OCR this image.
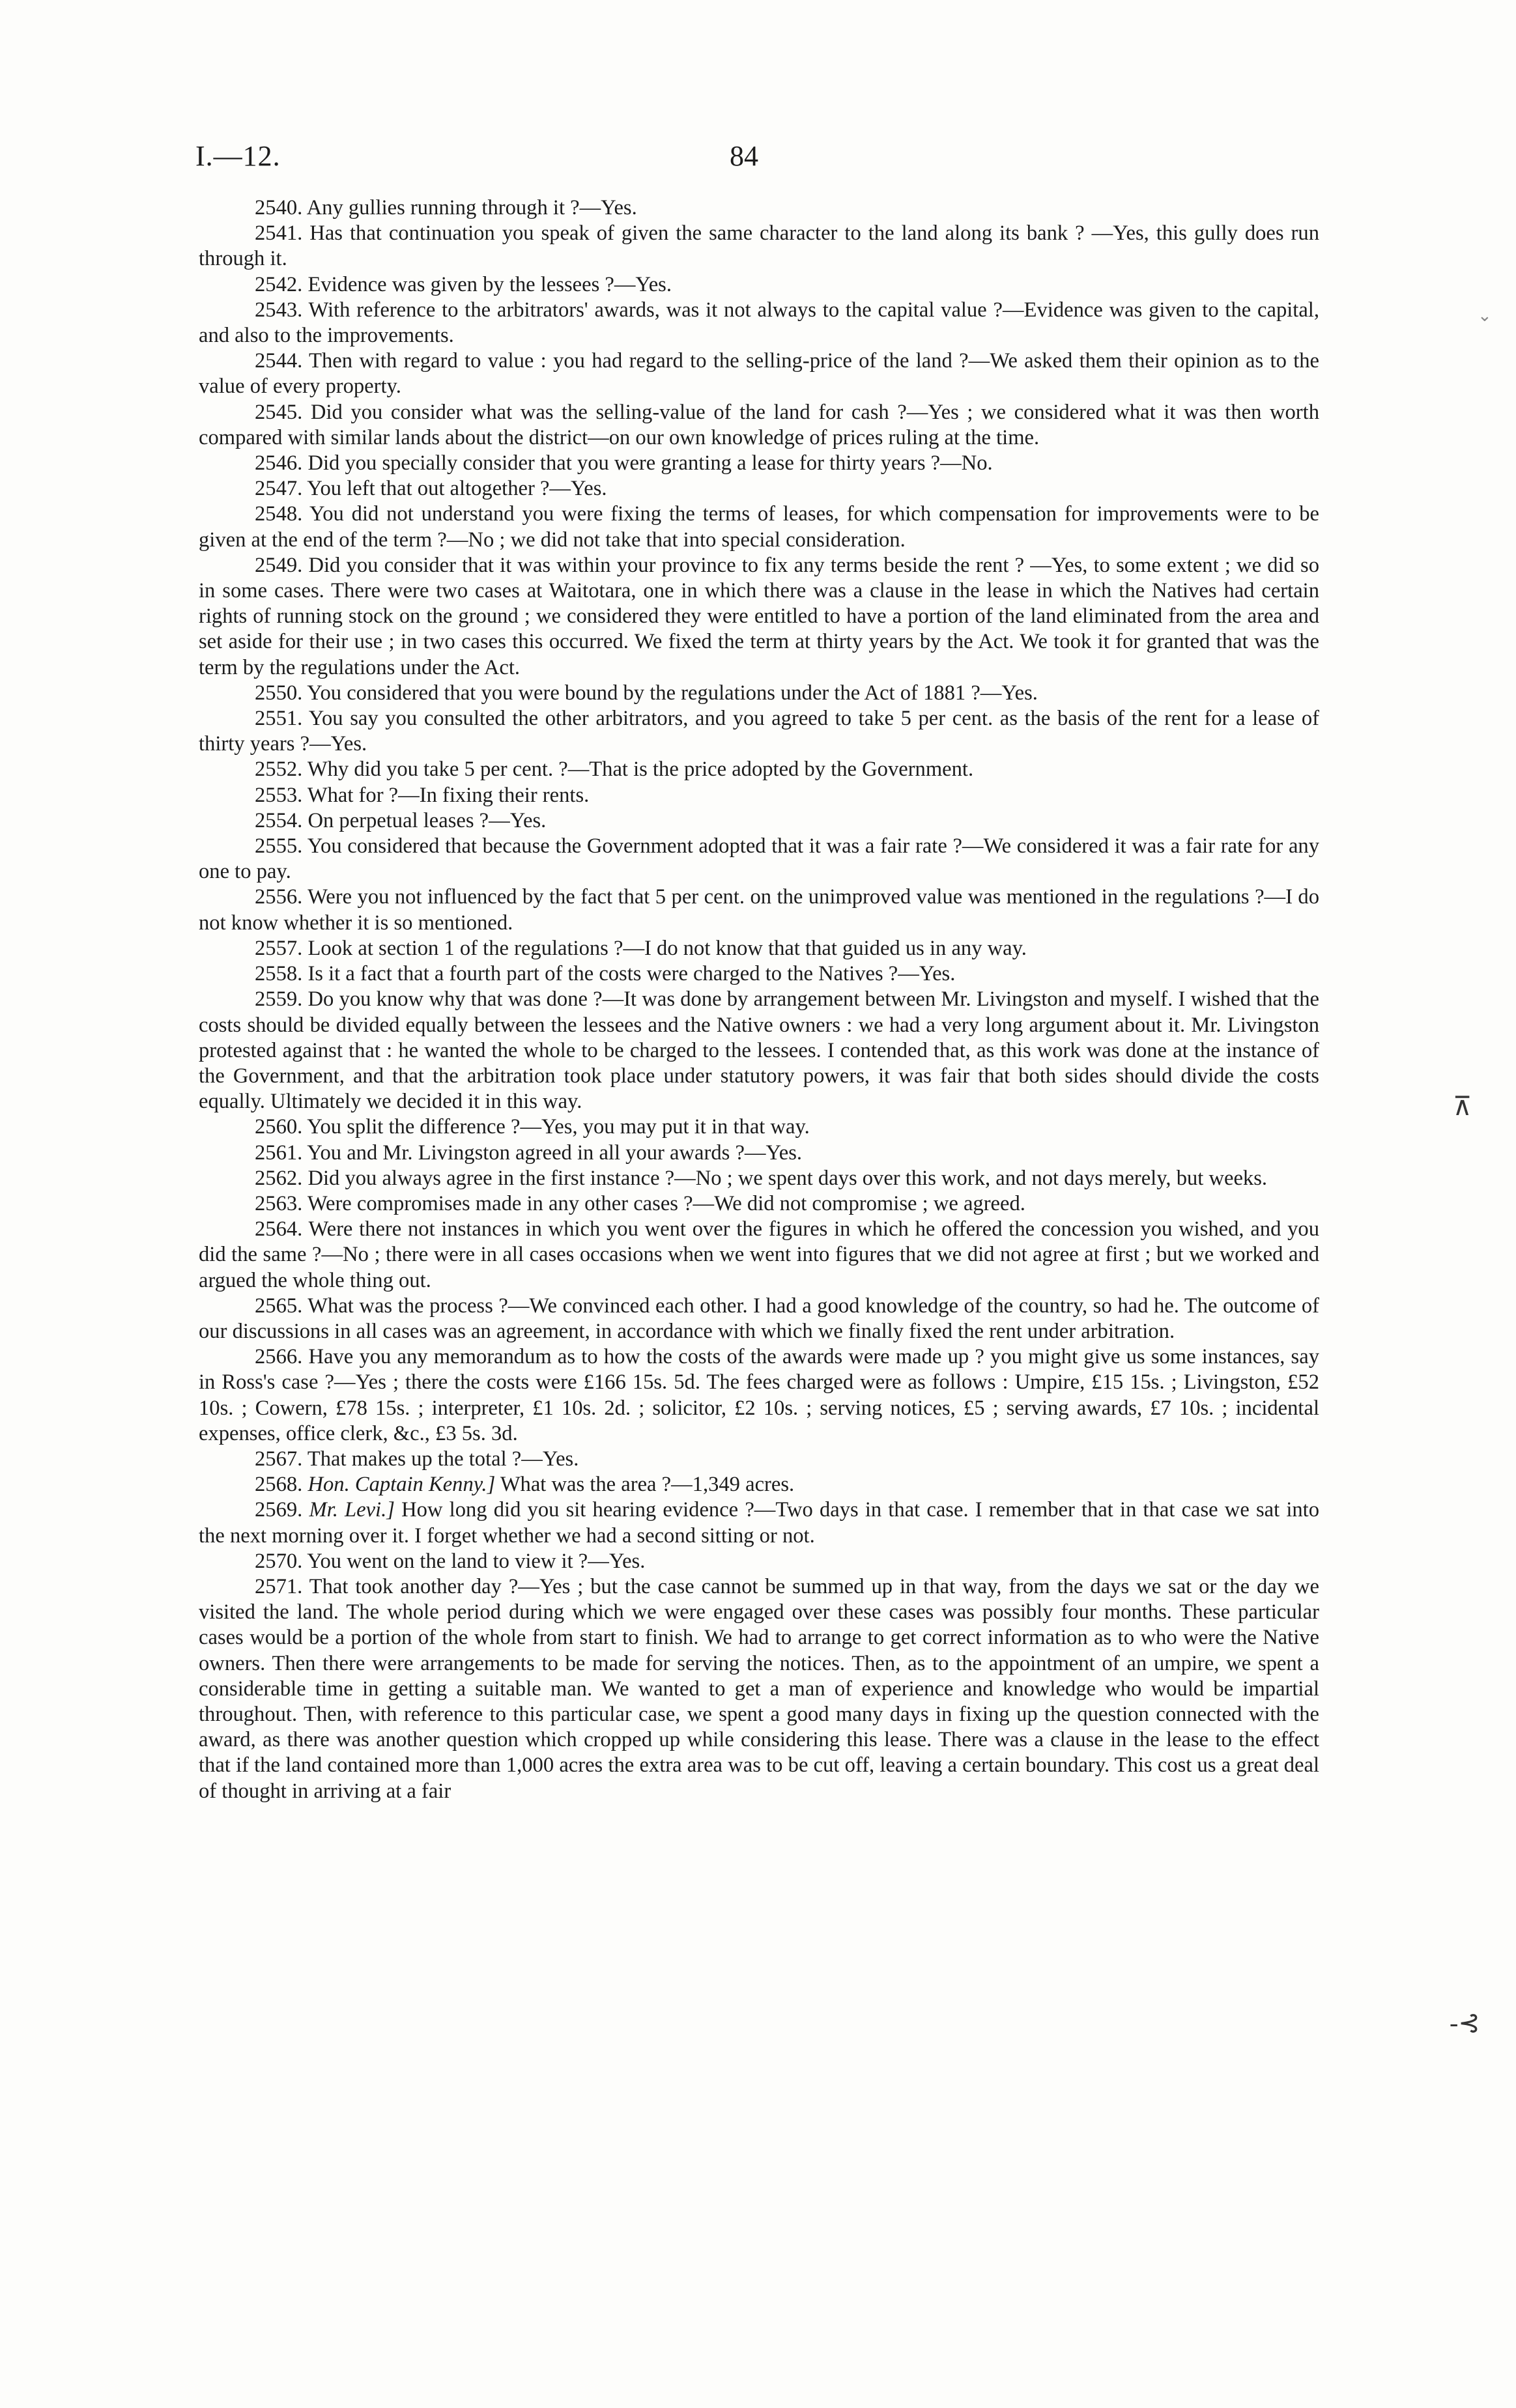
I.—12.	84

2540. Any gullies running through it ?—Yes.

2541. Has that continuation you speak of given the same character to the land along its bank ? —Yes, this gully does run through it.

2542. Evidence was given by the lessees ?—Yes.

2543. With reference to the arbitrators' awards, was it not always to the capital value ?—Evidence was given to the capital, and also to the improvements.

2544. Then with regard to value : you had regard to the selling-price of the land ?—We asked them their opinion as to the value of every property.

2545. Did you consider what was the selling-value of the land for cash ?—Yes ; we considered what it was then worth compared with similar lands about the district—on our own knowledge of prices ruling at the time.

2546. Did you specially consider that you were granting a lease for thirty years ?—No.

2547. You left that out altogether ?—Yes.

2548. You did not understand you were fixing the terms of leases, for which compensation for improvements were to be given at the end of the term ?—No ; we did not take that into special consideration.

2549. Did you consider that it was within your province to fix any terms beside the rent ? —Yes, to some extent ; we did so in some cases. There were two cases at Waitotara, one in which there was a clause in the lease in which the Natives had certain rights of running stock on the ground ; we considered they were entitled to have a portion of the land eliminated from the area and set aside for their use ; in two cases this occurred. We fixed the term at thirty years by the Act. We took it for granted that was the term by the regulations under the Act.

2550. You considered that you were bound by the regulations under the Act of 1881 ?—Yes.

2551. You say you consulted the other arbitrators, and you agreed to take 5 per cent. as the basis of the rent for a lease of thirty years ?—Yes.

2552. Why did you take 5 per cent. ?—That is the price adopted by the Government.

2553. What for ?—In fixing their rents.

2554. On perpetual leases ?—Yes.

2555. You considered that because the Government adopted that it was a fair rate ?—We considered it was a fair rate for any one to pay.

2556. Were you not influenced by the fact that 5 per cent. on the unimproved value was mentioned in the regulations ?—I do not know whether it is so mentioned.

2557. Look at section 1 of the regulations ?—I do not know that that guided us in any way.

2558. Is it a fact that a fourth part of the costs were charged to the Natives ?—Yes.

2559. Do you know why that was done ?—It was done by arrangement between Mr. Livingston and myself. I wished that the costs should be divided equally between the lessees and the Native owners : we had a very long argument about it. Mr. Livingston protested against that : he wanted the whole to be charged to the lessees. I contended that, as this work was done at the instance of the Government, and that the arbitration took place under statutory powers, it was fair that both sides should divide the costs equally. Ultimately we decided it in this way.

2560. You split the difference ?—Yes, you may put it in that way.

2561. You and Mr. Livingston agreed in all your awards ?—Yes.

2562. Did you always agree in the first instance ?—No ; we spent days over this work, and not days merely, but weeks.

2563. Were compromises made in any other cases ?—We did not compromise ; we agreed.

2564. Were there not instances in which you went over the figures in which he offered the concession you wished, and you did the same ?—No ; there were in all cases occasions when we went into figures that we did not agree at first ; but we worked and argued the whole thing out.

2565. What was the process ?—We convinced each other. I had a good knowledge of the country, so had he. The outcome of our discussions in all cases was an agreement, in accordance with which we finally fixed the rent under arbitration.

2566. Have you any memorandum as to how the costs of the awards were made up ? you might give us some instances, say in Ross's case ?—Yes ; there the costs were £166 15s. 5d. The fees charged were as follows : Umpire, £15 15s. ; Livingston, £52 10s. ; Cowern, £78 15s. ; interpreter, £1 10s. 2d. ; solicitor, £2 10s. ; serving notices, £5 ; serving awards, £7 10s. ; incidental expenses, office clerk, &c., £3 5s. 3d.

2567. That makes up the total ?—Yes.

2568. Hon. Captain Kenny.] What was the area ?—1,349 acres.

2569. Mr. Levi.] How long did you sit hearing evidence ?—Two days in that case. I remember that in that case we sat into the next morning over it. I forget whether we had a second sitting or not.

2570. You went on the land to view it ?—Yes.

2571. That took another day ?—Yes ; but the case cannot be summed up in that way, from the days we sat or the day we visited the land. The whole period during which we were engaged over these cases was possibly four months. These particular cases would be a portion of the whole from start to finish. We had to arrange to get correct information as to who were the Native owners. Then there were arrangements to be made for serving the notices. Then, as to the appointment of an umpire, we spent a considerable time in getting a suitable man. We wanted to get a man of experience and knowledge who would be impartial throughout. Then, with reference to this particular case, we spent a good many days in fixing up the question connected with the award, as there was another question which cropped up while considering this lease. There was a clause in the lease to the effect that if the land contained more than 1,000 acres the extra area was to be cut off, leaving a certain boundary. This cost us a great deal of thought in arriving at a fair

⌄
⊼
-⊰
